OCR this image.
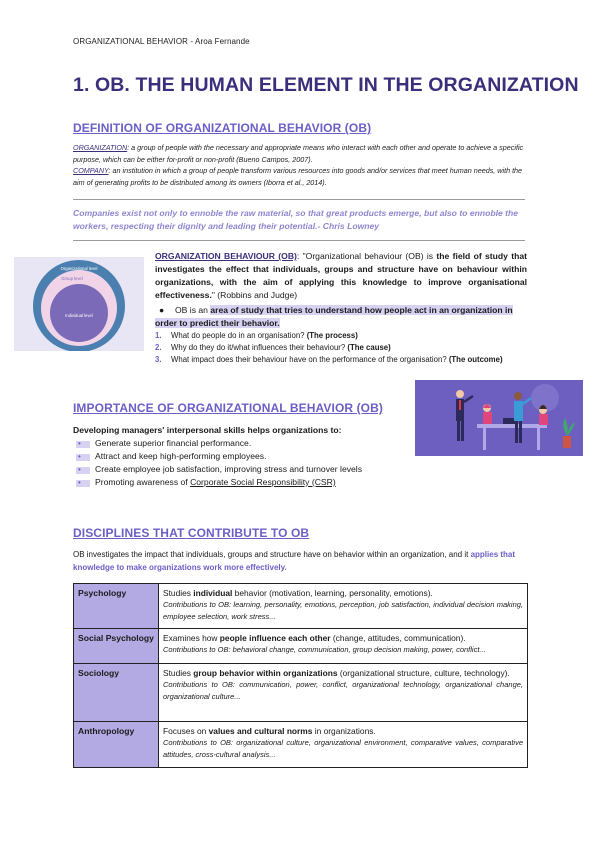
ORGANIZATIONAL BEHAVIOR - Aroa Fernande
1. OB. THE HUMAN ELEMENT IN THE ORGANIZATION
DEFINITION OF ORGANIZATIONAL BEHAVIOR (OB)
ORGANIZATION: a group of people with the necessary and appropriate means who interact with each other and operate to achieve a specific purpose, which can be either for-profit or non-profit (Bueno Campos, 2007).
COMPANY: an institution in which a group of people transform various resources into goods and/or services that meet human needs, with the aim of generating profits to be distributed among its owners (Iborra et al., 2014).
Companies exist not only to ennoble the raw material, so that great products emerge, but also to ennoble the workers, respecting their dignity and leading their potential.- Chris Lowney
Organizational level
Group level
Individual level
ORGANIZATION BEHAVIOUR (OB): "Organizational behaviour (OB) is the field of study that investigates the effect that individuals, groups and structure have on behaviour within organizations, with the aim of applying this knowledge to improve organisational effectiveness." (Robbins and Judge)
● OB is an area of study that tries to understand how people act in an organization in order to predict their behavior.
1. What do people do in an organisation? (The process)
2. Why do they do it/what influences their behaviour? (The cause)
3. What impact does their behaviour have on the performance of the organisation? (The outcome)
IMPORTANCE OF ORGANIZATIONAL BEHAVIOR (OB)
Developing managers' interpersonal skills helps organizations to:
• Generate superior financial performance.
• Attract and keep high-performing employees.
• Create employee job satisfaction, improving stress and turnover levels
• Promoting awareness of Corporate Social Responsibility (CSR)
DISCIPLINES THAT CONTRIBUTE TO OB
OB investigates the impact that individuals, groups and structure have on behavior within an organization, and it applies that knowledge to make organizations work more effectively.
Psychology	Studies individual behavior (motivation, learning, personality, emotions).
Contributions to OB: learning, personality, emotions, perception, job satisfaction, individual decision making, employee selection, work stress...
Social Psychology	Examines how people influence each other (change, attitudes, communication).
Contributions to OB: behavioral change, communication, group decision making, power, conflict...
Sociology	Studies group behavior within organizations (organizational structure, culture, technology).
Contributions to OB: communication, power, conflict, organizational technology, organizational change, organizational culture...
Anthropology	Focuses on values and cultural norms in organizations.
Contributions to OB: organizational culture, organizational environment, comparative values, comparative attitudes, cross-cultural analysis...
